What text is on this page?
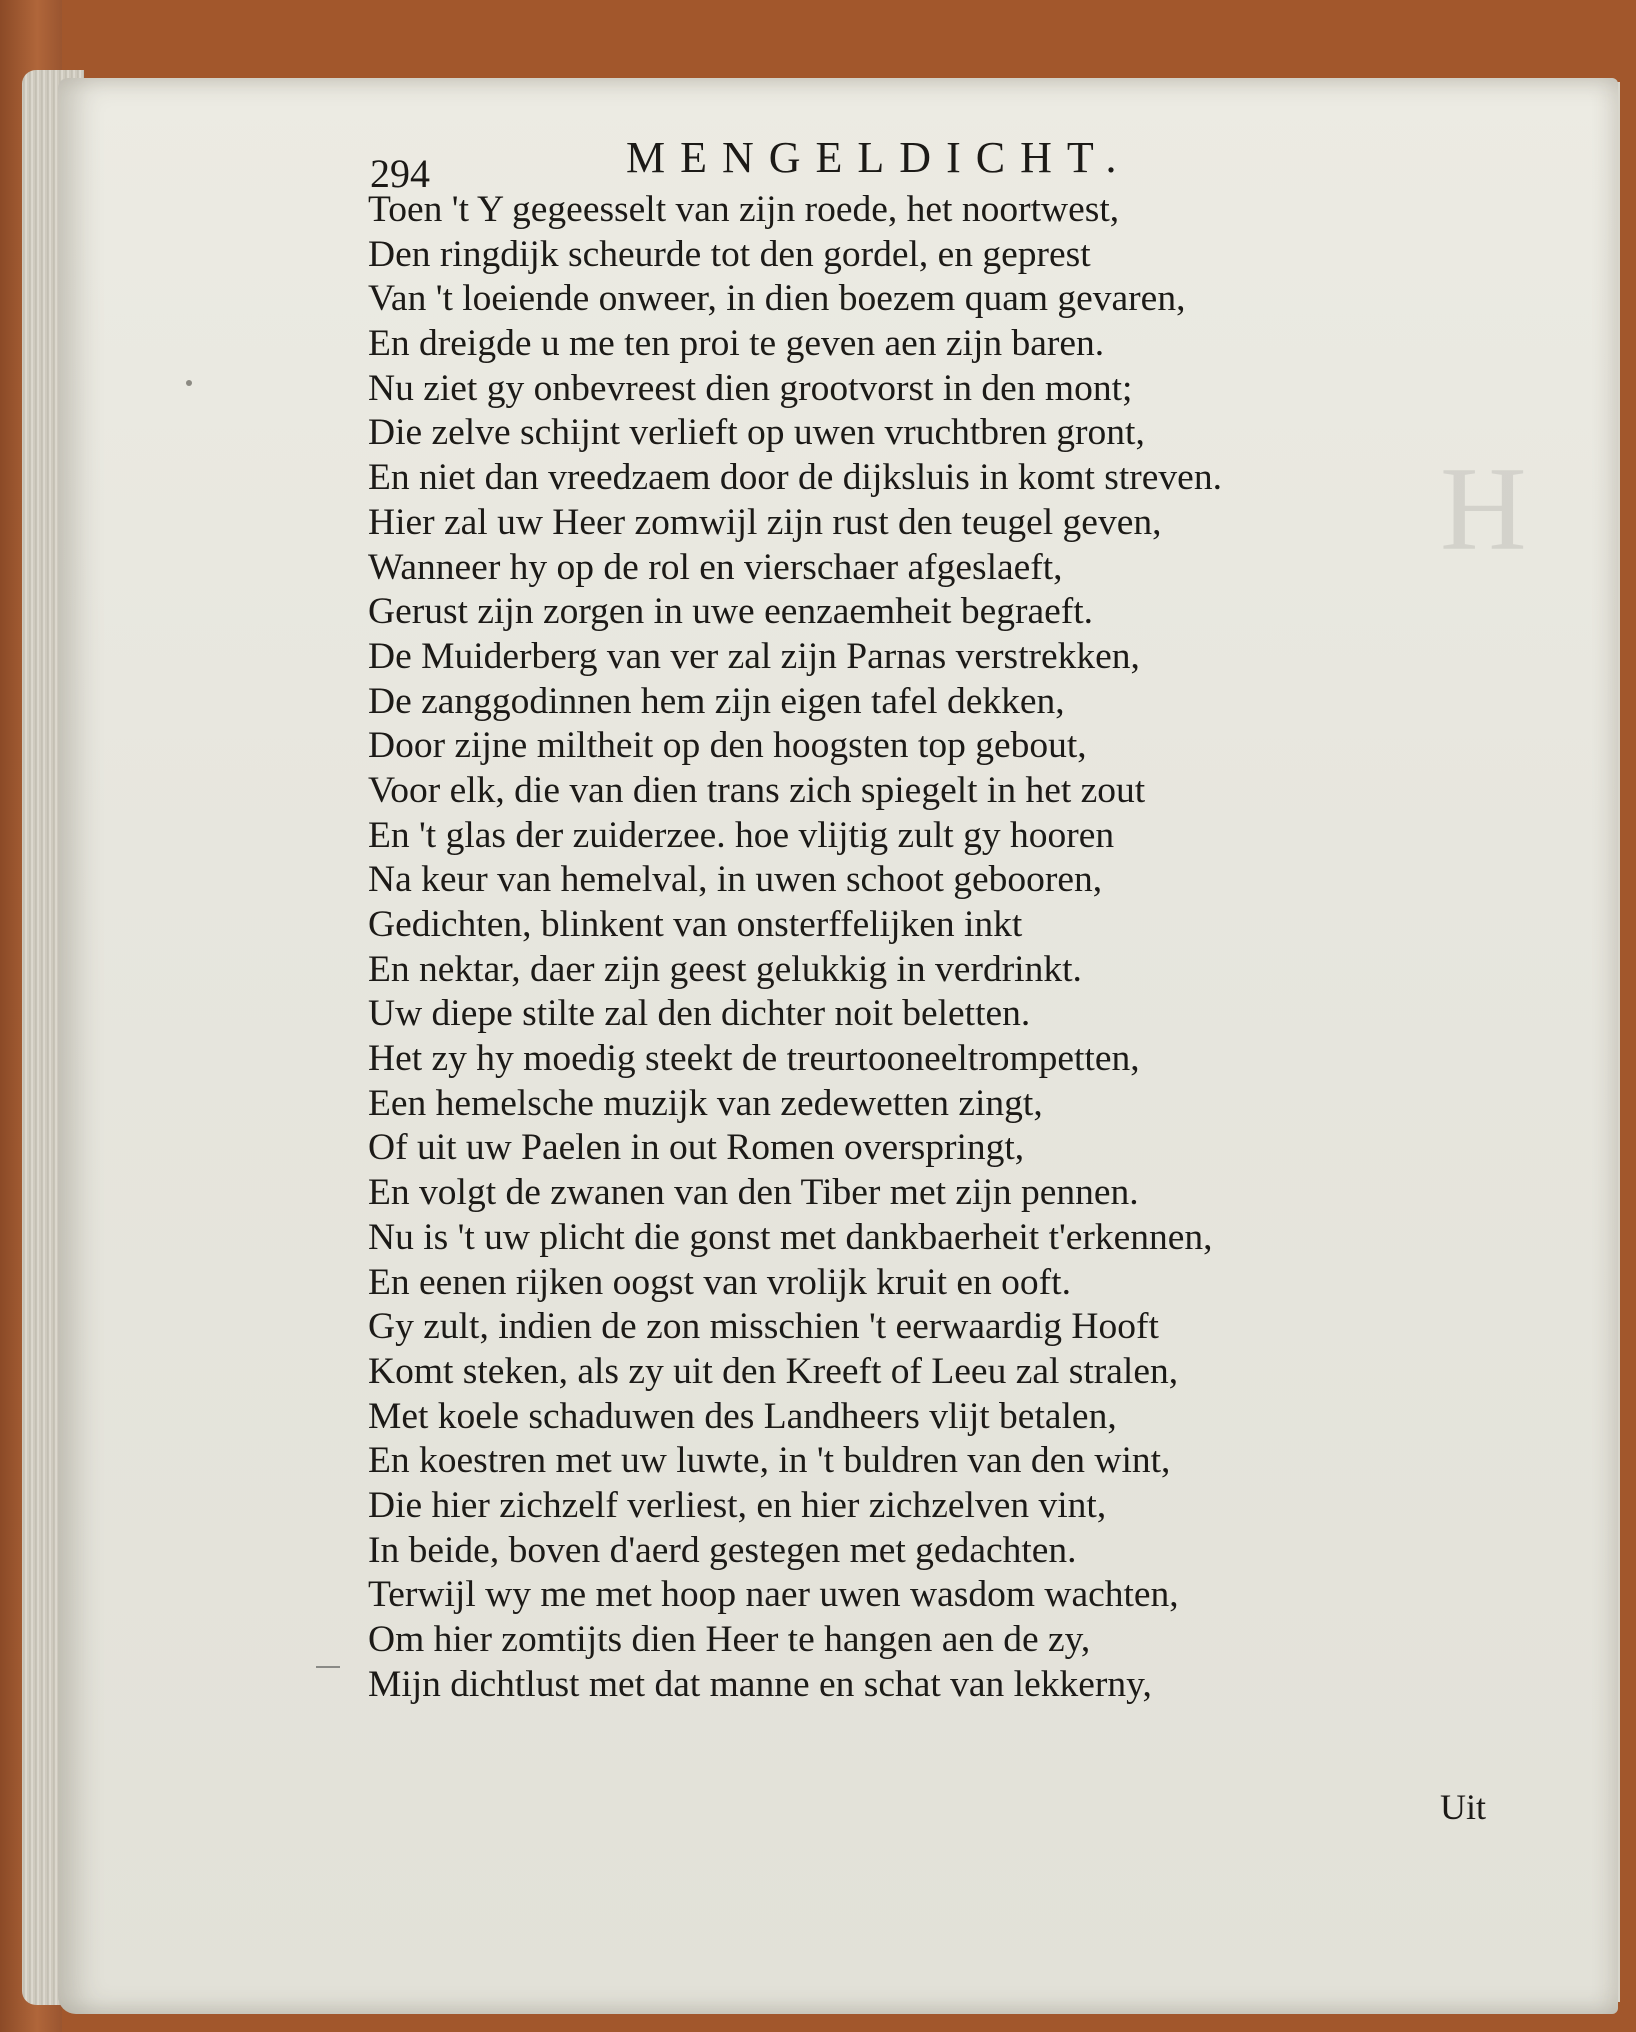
H
294	MENGELDICHT.
Toen 't Y gegeesselt van zijn roede, het noortwest,
Den ringdijk scheurde tot den gordel, en geprest
Van 't loeiende onweer, in dien boezem quam gevaren,
En dreigde u me ten proi te geven aen zijn baren.
Nu ziet gy onbevreest dien grootvorst in den mont;
Die zelve schijnt verlieft op uwen vruchtbren gront,
En niet dan vreedzaem door de dijksluis in komt streven.
Hier zal uw Heer zomwijl zijn rust den teugel geven,
Wanneer hy op de rol en vierschaer afgeslaeft,
Gerust zijn zorgen in uwe eenzaemheit begraeft.
De Muiderberg van ver zal zijn Parnas verstrekken,
De zanggodinnen hem zijn eigen tafel dekken,
Door zijne miltheit op den hoogsten top gebout,
Voor elk, die van dien trans zich spiegelt in het zout
En 't glas der zuiderzee. hoe vlijtig zult gy hooren
Na keur van hemelval, in uwen schoot gebooren,
Gedichten, blinkent van onsterffelijken inkt
En nektar, daer zijn geest gelukkig in verdrinkt.
Uw diepe stilte zal den dichter noit beletten.
Het zy hy moedig steekt de treurtooneeltrompetten,
Een hemelsche muzijk van zedewetten zingt,
Of uit uw Paelen in out Romen overspringt,
En volgt de zwanen van den Tiber met zijn pennen.
Nu is 't uw plicht die gonst met dankbaerheit t'erkennen,
En eenen rijken oogst van vrolijk kruit en ooft.
Gy zult, indien de zon misschien 't eerwaardig Hooft
Komt steken, als zy uit den Kreeft of Leeu zal stralen,
Met koele schaduwen des Landheers vlijt betalen,
En koestren met uw luwte, in 't buldren van den wint,
Die hier zichzelf verliest, en hier zichzelven vint,
In beide, boven d'aerd gestegen met gedachten.
Terwijl wy me met hoop naer uwen wasdom wachten,
Om hier zomtijts dien Heer te hangen aen de zy,
Mijn dichtlust met dat manne en schat van lekkerny,
Uit
